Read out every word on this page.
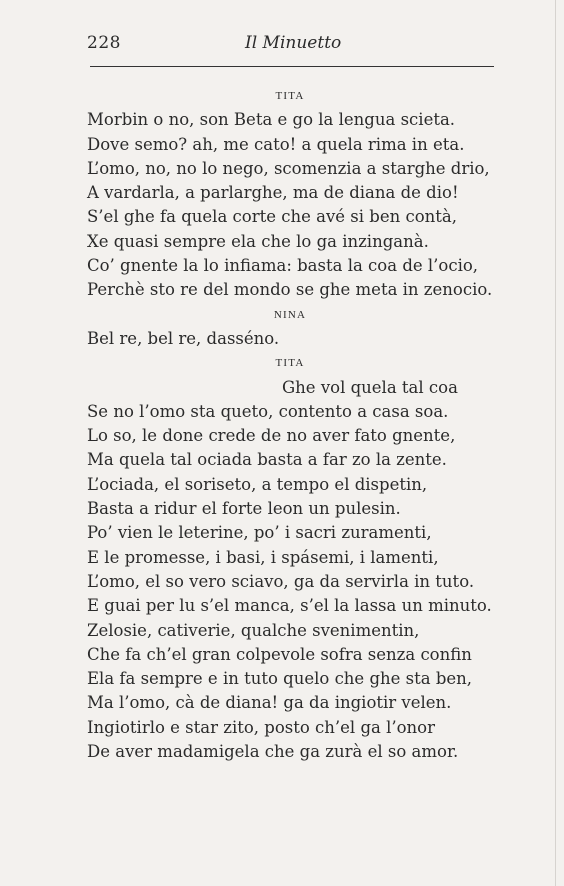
228	Il Minuetto
TITA
Morbin o no, son Beta e go la lengua scieta.
Dove semo? ah, me cato! a quela rima in eta.
L’omo, no, no lo nego, scomenzia a starghe drio,
A vardarla, a parlarghe, ma de diana de dio!
S’el ghe fa quela corte che avé si ben contà,
Xe quasi sempre ela che lo ga inzinganà.
Co’ gnente la lo infiama: basta la coa de l’ocio,
Perchè sto re del mondo se ghe meta in zenocio.
NINA
Bel re, bel re, dasséno.
TITA
Ghe vol quela tal coa
Se no l’omo sta queto, contento a casa soa.
Lo so, le done crede de no aver fato gnente,
Ma quela tal ociada basta a far zo la zente.
L’ociada, el soriseto, a tempo el dispetin,
Basta a ridur el forte leon un pulesin.
Po’ vien le leterine, po’ i sacri zuramenti,
E le promesse, i basi, i spásemi, i lamenti,
L’omo, el so vero sciavo, ga da servirla in tuto.
E guai per lu s’el manca, s’el la lassa un minuto.
Zelosie, cativerie, qualche svenimentin,
Che fa ch’el gran colpevole sofra senza confin
Ela fa sempre e in tuto quelo che ghe sta ben,
Ma l’omo, cà de diana! ga da ingiotir velen.
Ingiotirlo e star zito, posto ch’el ga l’onor
De aver madamigela che ga zurà el so amor.
